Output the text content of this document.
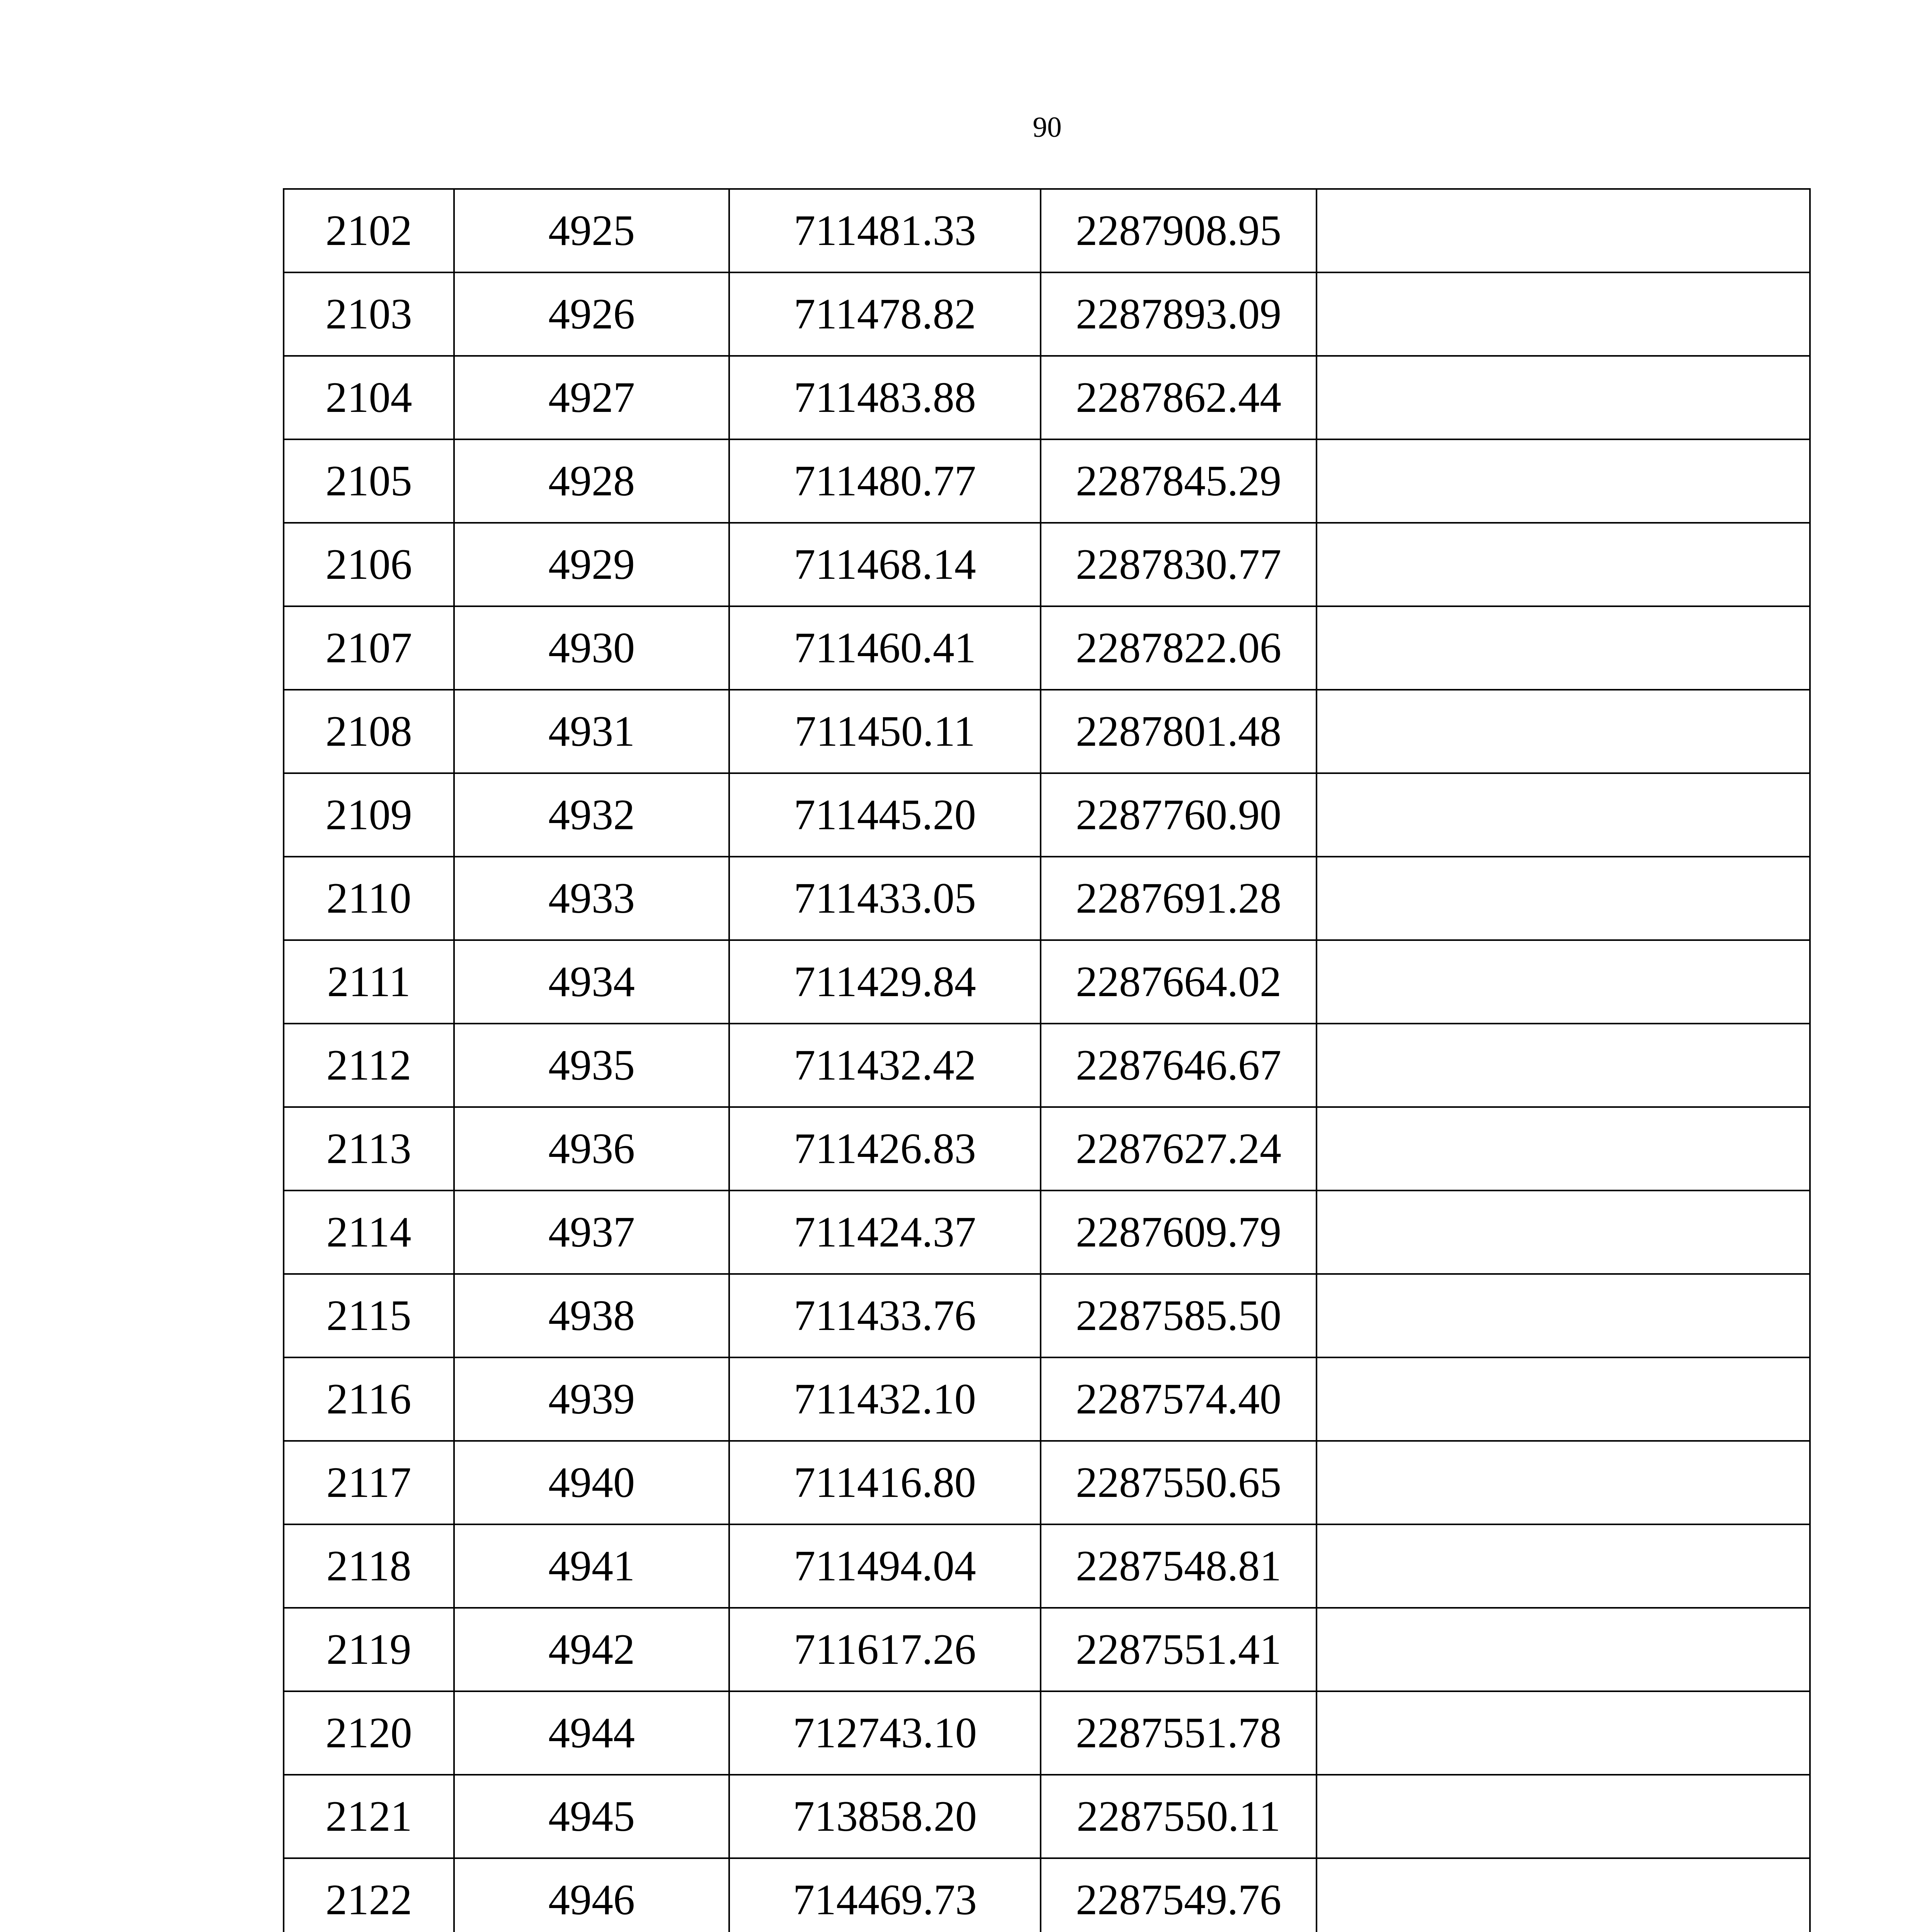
90
2102	4925	711481.33	2287908.95	
2103	4926	711478.82	2287893.09	
2104	4927	711483.88	2287862.44	
2105	4928	711480.77	2287845.29	
2106	4929	711468.14	2287830.77	
2107	4930	711460.41	2287822.06	
2108	4931	711450.11	2287801.48	
2109	4932	711445.20	2287760.90	
2110	4933	711433.05	2287691.28	
2111	4934	711429.84	2287664.02	
2112	4935	711432.42	2287646.67	
2113	4936	711426.83	2287627.24	
2114	4937	711424.37	2287609.79	
2115	4938	711433.76	2287585.50	
2116	4939	711432.10	2287574.40	
2117	4940	711416.80	2287550.65	
2118	4941	711494.04	2287548.81	
2119	4942	711617.26	2287551.41	
2120	4944	712743.10	2287551.78	
2121	4945	713858.20	2287550.11	
2122	4946	714469.73	2287549.76	
